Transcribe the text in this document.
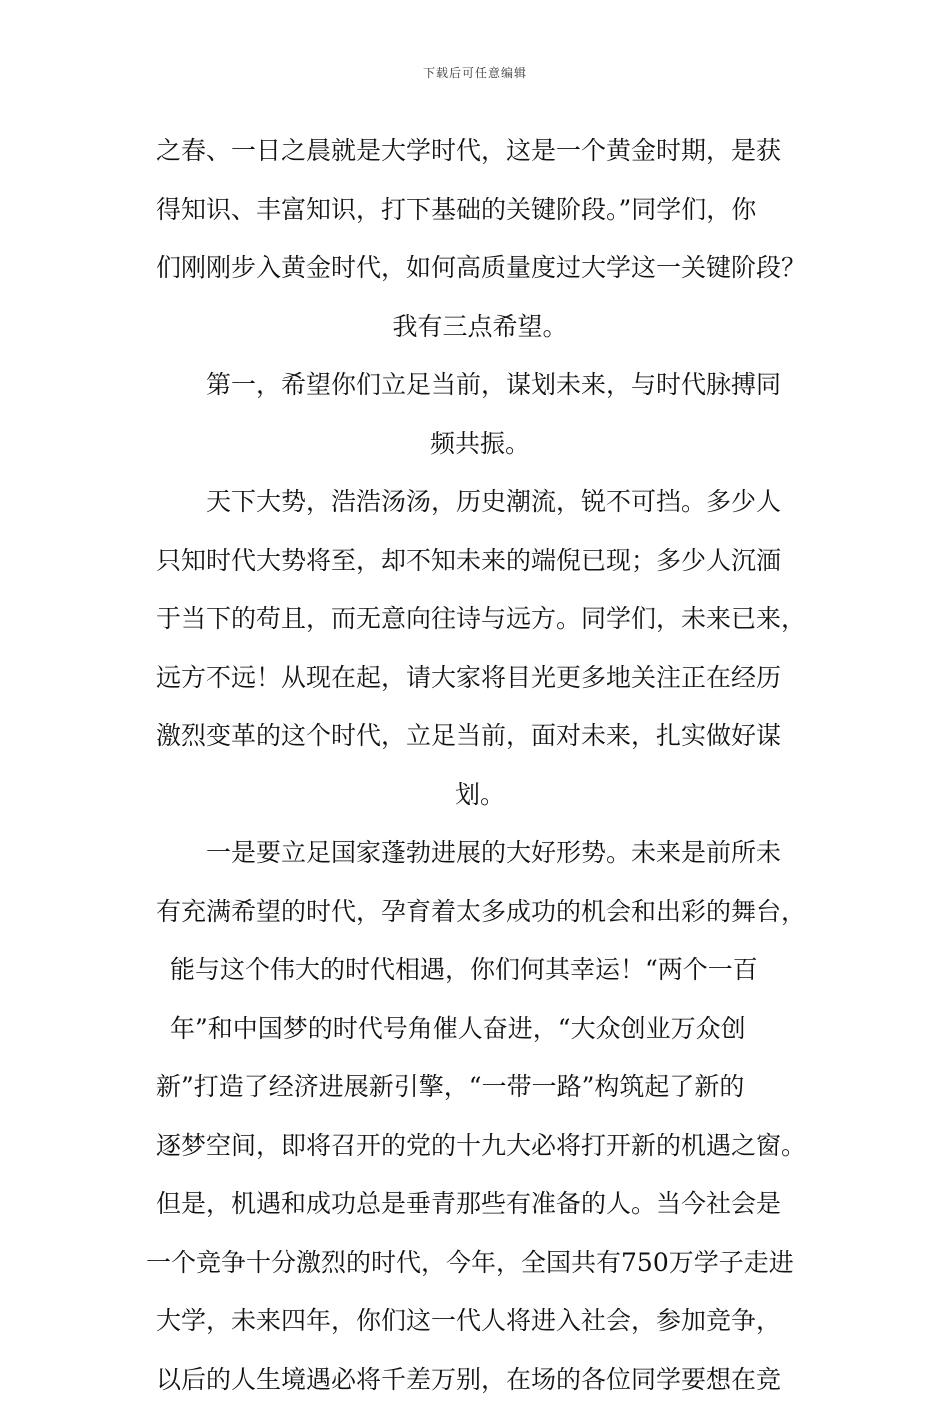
下载后可任意编辑
之春、一日之晨就是大学时代，这是一个黄金时期，是获
得知识、丰富知识，打下基础的关键阶段。”同学们，你
们刚刚步入黄金时代，如何高质量度过大学这一关键阶段？
我有三点希望。
第一，希望你们立足当前，谋划未来，与时代脉搏同
频共振。
天下大势，浩浩汤汤，历史潮流，锐不可挡。多少人
只知时代大势将至，却不知未来的端倪已现；多少人沉湎
于当下的苟且，而无意向往诗与远方。同学们，未来已来，
远方不远！从现在起，请大家将目光更多地关注正在经历
激烈变革的这个时代，立足当前，面对未来，扎实做好谋
划。
一是要立足国家蓬勃进展的大好形势。未来是前所未
有充满希望的时代，孕育着太多成功的机会和出彩的舞台，
能与这个伟大的时代相遇，你们何其幸运！“两个一百
年”和中国梦的时代号角催人奋进，“大众创业万众创
新”打造了经济进展新引擎，“一带一路”构筑起了新的
逐梦空间，即将召开的党的十九大必将打开新的机遇之窗。
但是，机遇和成功总是垂青那些有准备的人。当今社会是
一个竞争十分激烈的时代，今年，全国共有750万学子走进
大学，未来四年，你们这一代人将进入社会，参加竞争，
以后的人生境遇必将千差万别，在场的各位同学要想在竞
